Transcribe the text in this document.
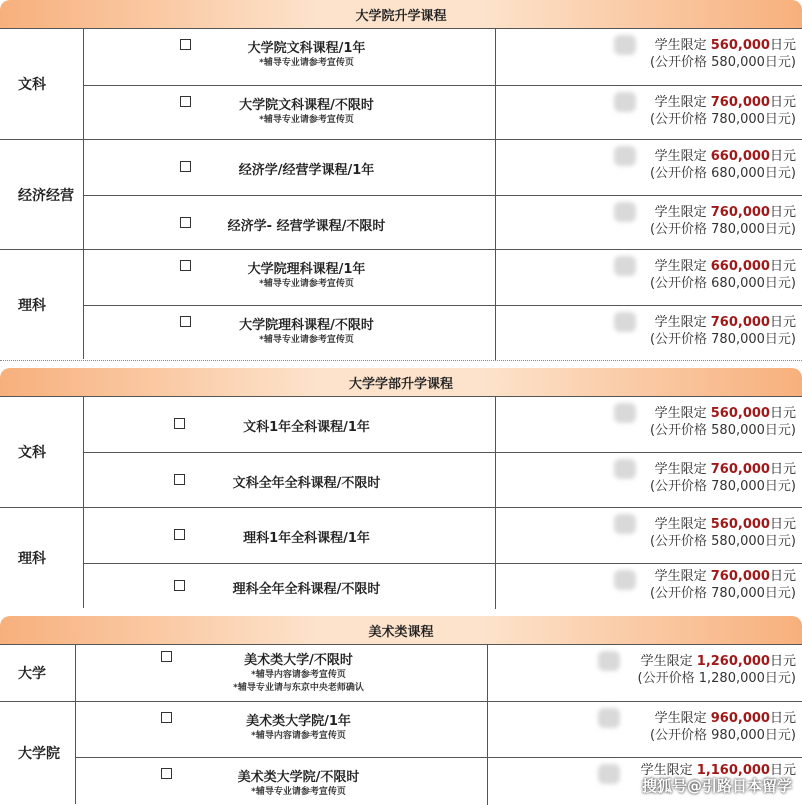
大学院升学课程
文科
大学院文科课程/1年
*辅导专业请参考宣传页
学生限定 560,000日元
(公开价格 580,000日元)
大学院文科课程/不限时
*辅导专业请参考宣传页
学生限定 760,000日元
(公开价格 780,000日元)
经济经营
经济学/经营学课程/1年
学生限定 660,000日元
(公开价格 680,000日元)
经济学- 经营学课程/不限时
学生限定 760,000日元
(公开价格 780,000日元)
理科
大学院理科课程/1年
*辅导专业请参考宣传页
学生限定 660,000日元
(公开价格 680,000日元)
大学院理科课程/不限时
*辅导专业请参考宣传页
学生限定 760,000日元
(公开价格 780,000日元)
大学学部升学课程
文科
文科1年全科课程/1年
学生限定 560,000日元
(公开价格 580,000日元)
文科全年全科课程/不限时
学生限定 760,000日元
(公开价格 780,000日元)
理科
理科1年全科课程/1年
学生限定 560,000日元
(公开价格 580,000日元)
理科全年全科课程/不限时
学生限定 760,000日元
(公开价格 780,000日元)
美术类课程
大学
美术类大学/不限时
*辅导内容请参考宣传页
*辅导专业请与东京中央老师确认
学生限定 1,260,000日元
(公开价格 1,280,000日元)
大学院
美术类大学院/1年
*辅导内容请参考宣传页
学生限定 960,000日元
(公开价格 980,000日元)
美术类大学院/不限时
*辅导专业请参考宣传页
学生限定 1,160,000日元
搜狐号@引路日本留学
